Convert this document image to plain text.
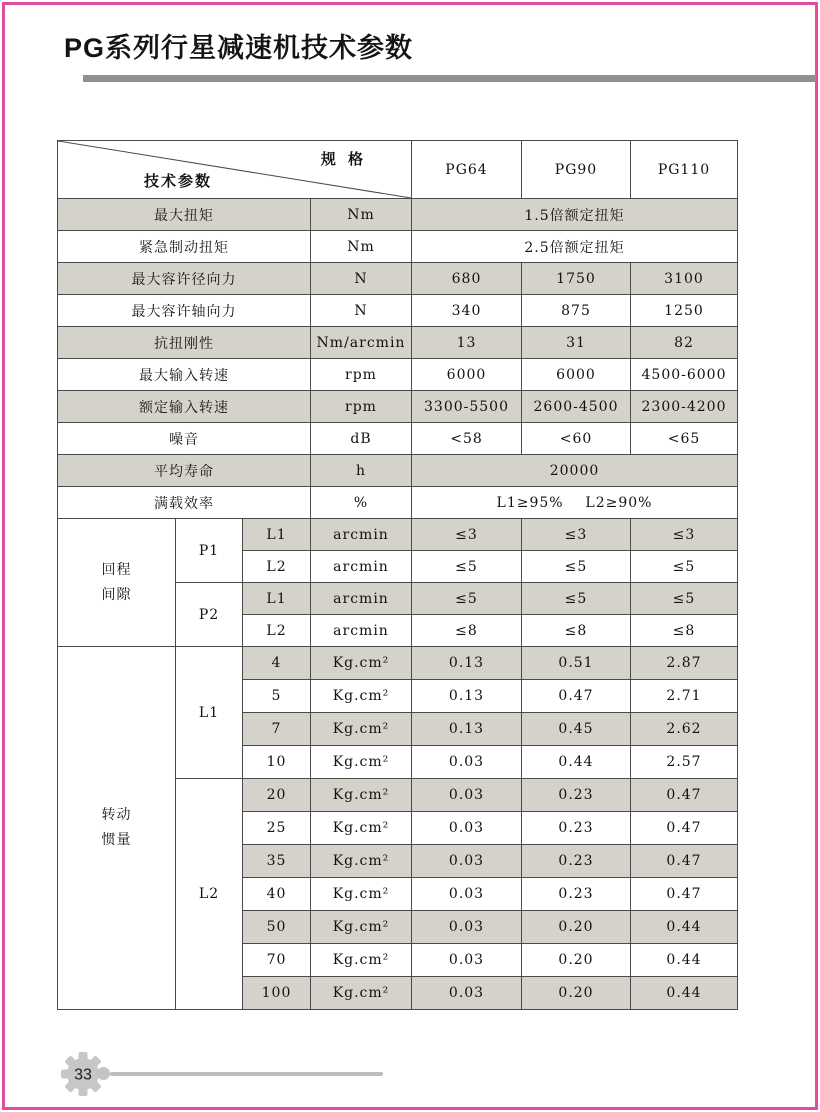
PG系列行星减速机技术参数
规 格
技术参数				PG64	PG90	PG110
最大扭矩			Nm	1.5倍额定扭矩		
紧急制动扭矩			Nm	2.5倍额定扭矩		
最大容许径向力			N	680	1750	3100
最大容许轴向力			N	340	875	1250
抗扭刚性			Nm/arcmin	13	31	82
最大输入转速			rpm	6000	6000	4500-6000
额定输入转速			rpm	3300-5500	2600-4500	2300-4200
噪音			dB	<58	<60	<65
平均寿命			h	20000		
满载效率			%	L1≥95%    L2≥90%		

回程
间隙	P1	L1	arcmin	≤3	≤3	≤3
		L2	arcmin	≤5	≤5	≤5
	P2	L1	arcmin	≤5	≤5	≤5
		L2	arcmin	≤8	≤8	≤8

转动
惯量	L1	4	Kg.cm²	0.13	0.51	2.87
		5	Kg.cm²	0.13	0.47	2.71
		7	Kg.cm²	0.13	0.45	2.62
		10	Kg.cm²	0.03	0.44	2.57
	L2	20	Kg.cm²	0.03	0.23	0.47
		25	Kg.cm²	0.03	0.23	0.47
		35	Kg.cm²	0.03	0.23	0.47
		40	Kg.cm²	0.03	0.23	0.47
		50	Kg.cm²	0.03	0.20	0.44
		70	Kg.cm²	0.03	0.20	0.44
		100	Kg.cm²	0.03	0.20	0.44
33
